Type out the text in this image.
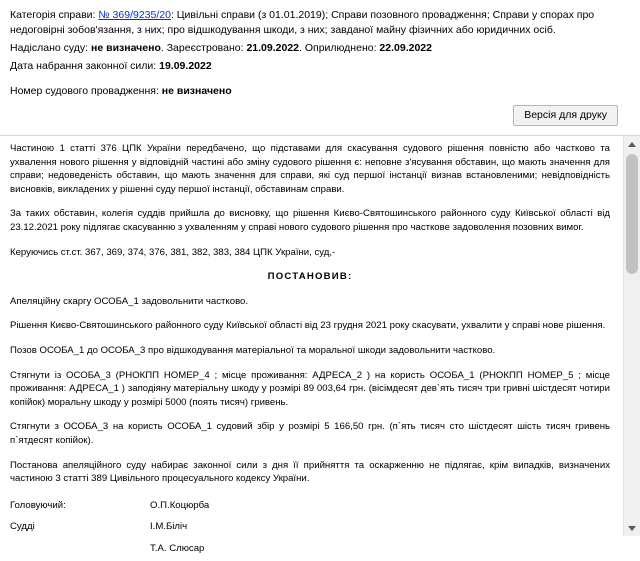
Категорія справи: № 369/9235/20: Цивільні справи (з 01.01.2019); Справи позовного провадження; Справи у спорах про недоговірні зобов'язання, з них; про відшкодування шкоди, з них; завданої майну фізичних або юридичних осіб.
Надіслано суду: не визначено. Зареєстровано: 21.09.2022. Оприлюднено: 22.09.2022
Дата набрання законної сили: 19.09.2022
Номер судового провадження: не визначено
Версія для друку

Частиною 1 статті 376 ЦПК України передбачено, що підставами для скасування судового рішення повністю або частково та ухвалення нового рішення у відповідній частині або зміну судового рішення є: неповне з'ясування обставин, що мають значення для справи; недоведеність обставин, що мають значення для справи, які суд першої інстанції визнав встановленими; невідповідність висновків, викладених у рішенні суду першої інстанції, обставинам справи.

За таких обставин, колегія суддів прийшла до висновку, що рішення Києво-Святошинського районного суду Київської області від 23.12.2021 року підлягає скасуванню з ухваленням у справі нового судового рішення про часткове задоволення позовних вимог.

Керуючись ст.ст. 367, 369, 374, 376, 381, 382, 383, 384 ЦПК України, суд,-

ПОСТАНОВИВ:

Апеляційну скаргу ОСОБА_1 задовольнити частково.

Рішення Києво-Святошинського районного суду Київської області від 23 грудня 2021 року скасувати, ухвалити у справі нове рішення.

Позов ОСОБА_1 до ОСОБА_3 про відшкодування матеріальної та моральної шкоди задовольнити частково.

Стягнути із ОСОБА_3 (РНОКПП НОМЕР_4 ; місце проживання: АДРЕСА_2 ) на користь ОСОБА_1 (РНОКПП НОМЕР_5 ; місце проживання: АДРЕСА_1 ) заподіяну матеріальну шкоду у розмірі 89 003,64 грн. (вісімдесят дев`ять тисяч три гривні шістдесят чотири копійок) моральну шкоду у розмірі 5000 (поять тисяч) гривень.

Стягнути з ОСОБА_3 на користь ОСОБА_1 судовий збір у розмірі 5 166,50 грн. (п`ять тисяч сто шістдесят шість тисяч гривень п`ятдесят копійок).

Постанова апеляційного суду набирає законної сили з дня її прийняття та оскарженню не підлягає, крім випадків, визначених частиною 3 статті 389 Цивільного процесуального кодексу України.

Головуючий:	О.П.Коцюрба
Судді	І.М.Біліч
	Т.А. Слюсар
